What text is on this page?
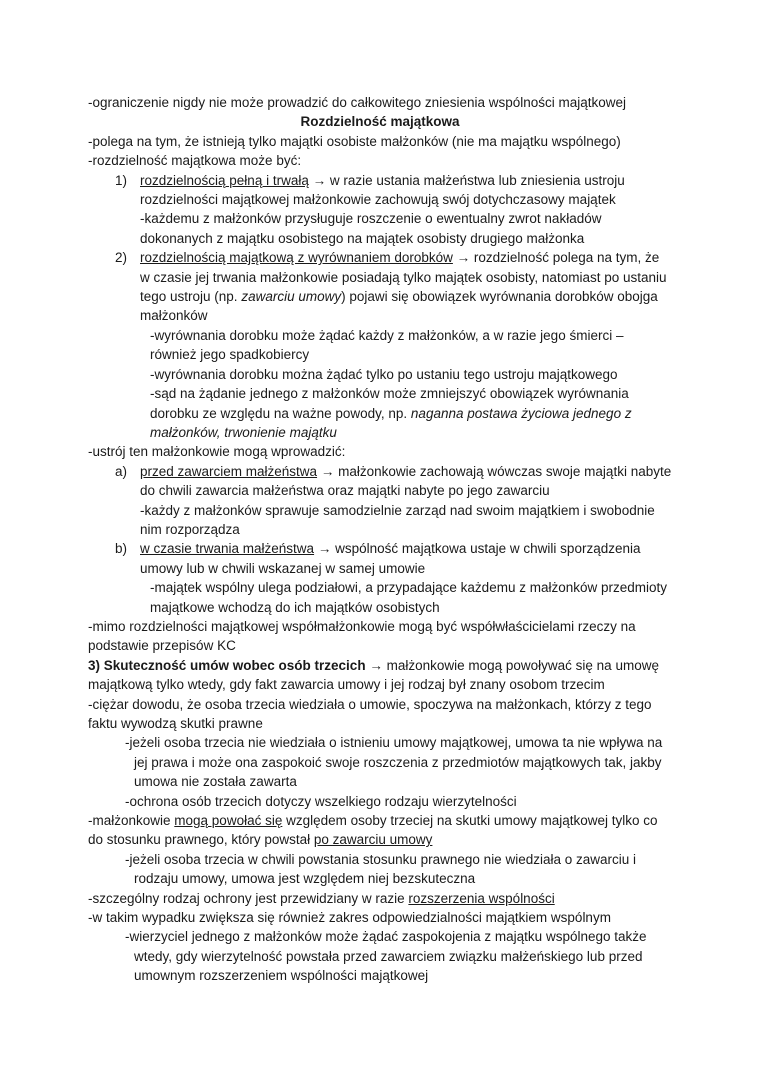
-ograniczenie nigdy nie może prowadzić do całkowitego zniesienia wspólności majątkowej
Rozdzielność majątkowa
-polega na tym, że istnieją tylko majątki osobiste małżonków (nie ma majątku wspólnego)
-rozdzielność majątkowa może być:
1) rozdzielnością pełną i trwałą → w razie ustania małżeństwa lub zniesienia ustroju rozdzielności majątkowej małżonkowie zachowują swój dotychczasowy majątek
-każdemu z małżonków przysługuje roszczenie o ewentualny zwrot nakładów dokonanych z majątku osobistego na majątek osobisty drugiego małżonka
2) rozdzielnością majątkową z wyrównaniem dorobków → rozdzielność polega na tym, że w czasie jej trwania małżonkowie posiadają tylko majątek osobisty, natomiast po ustaniu tego ustroju (np. zawarciu umowy) pojawi się obowiązek wyrównania dorobków obojga małżonków
-wyrównania dorobku może żądać każdy z małżonków, a w razie jego śmierci – również jego spadkobiercy
-wyrównania dorobku można żądać tylko po ustaniu tego ustroju majątkowego
-sąd na żądanie jednego z małżonków może zmniejszyć obowiązek wyrównania dorobku ze względu na ważne powody, np. naganna postawa życiowa jednego z małżonków, trwonienie majątku
-ustrój ten małżonkowie mogą wprowadzić:
a) przed zawarciem małżeństwa → małżonkowie zachowają wówczas swoje majątki nabyte do chwili zawarcia małżeństwa oraz majątki nabyte po jego zawarciu
-każdy z małżonków sprawuje samodzielnie zarząd nad swoim majątkiem i swobodnie nim rozporządza
b) w czasie trwania małżeństwa → wspólność majątkowa ustaje w chwili sporządzenia umowy lub w chwili wskazanej w samej umowie
-majątek wspólny ulega podziałowi, a przypadające każdemu z małżonków przedmioty majątkowe wchodzą do ich majątków osobistych
-mimo rozdzielności majątkowej współmałżonkowie mogą być współwłaścicielami rzeczy na podstawie przepisów KC
3) Skuteczność umów wobec osób trzecich → małżonkowie mogą powoływać się na umowę majątkową tylko wtedy, gdy fakt zawarcia umowy i jej rodzaj był znany osobom trzecim
-ciężar dowodu, że osoba trzecia wiedziała o umowie, spoczywa na małżonkach, którzy z tego faktu wywodzą skutki prawne
-jeżeli osoba trzecia nie wiedziała o istnieniu umowy majątkowej, umowa ta nie wpływa na jej prawa i może ona zaspokoić swoje roszczenia z przedmiotów majątkowych tak, jakby umowa nie została zawarta
-ochrona osób trzecich dotyczy wszelkiego rodzaju wierzytelności
-małżonkowie mogą powołać się względem osoby trzeciej na skutki umowy majątkowej tylko co do stosunku prawnego, który powstał po zawarciu umowy
-jeżeli osoba trzecia w chwili powstania stosunku prawnego nie wiedziała o zawarciu i rodzaju umowy, umowa jest względem niej bezskuteczna
-szczególny rodzaj ochrony jest przewidziany w razie rozszerzenia wspólności
-w takim wypadku zwiększa się również zakres odpowiedzialności majątkiem wspólnym
-wierzyciel jednego z małżonków może żądać zaspokojenia z majątku wspólnego także wtedy, gdy wierzytelność powstała przed zawarciem związku małżeńskiego lub przed umownym rozszerzeniem wspólności majątkowej
